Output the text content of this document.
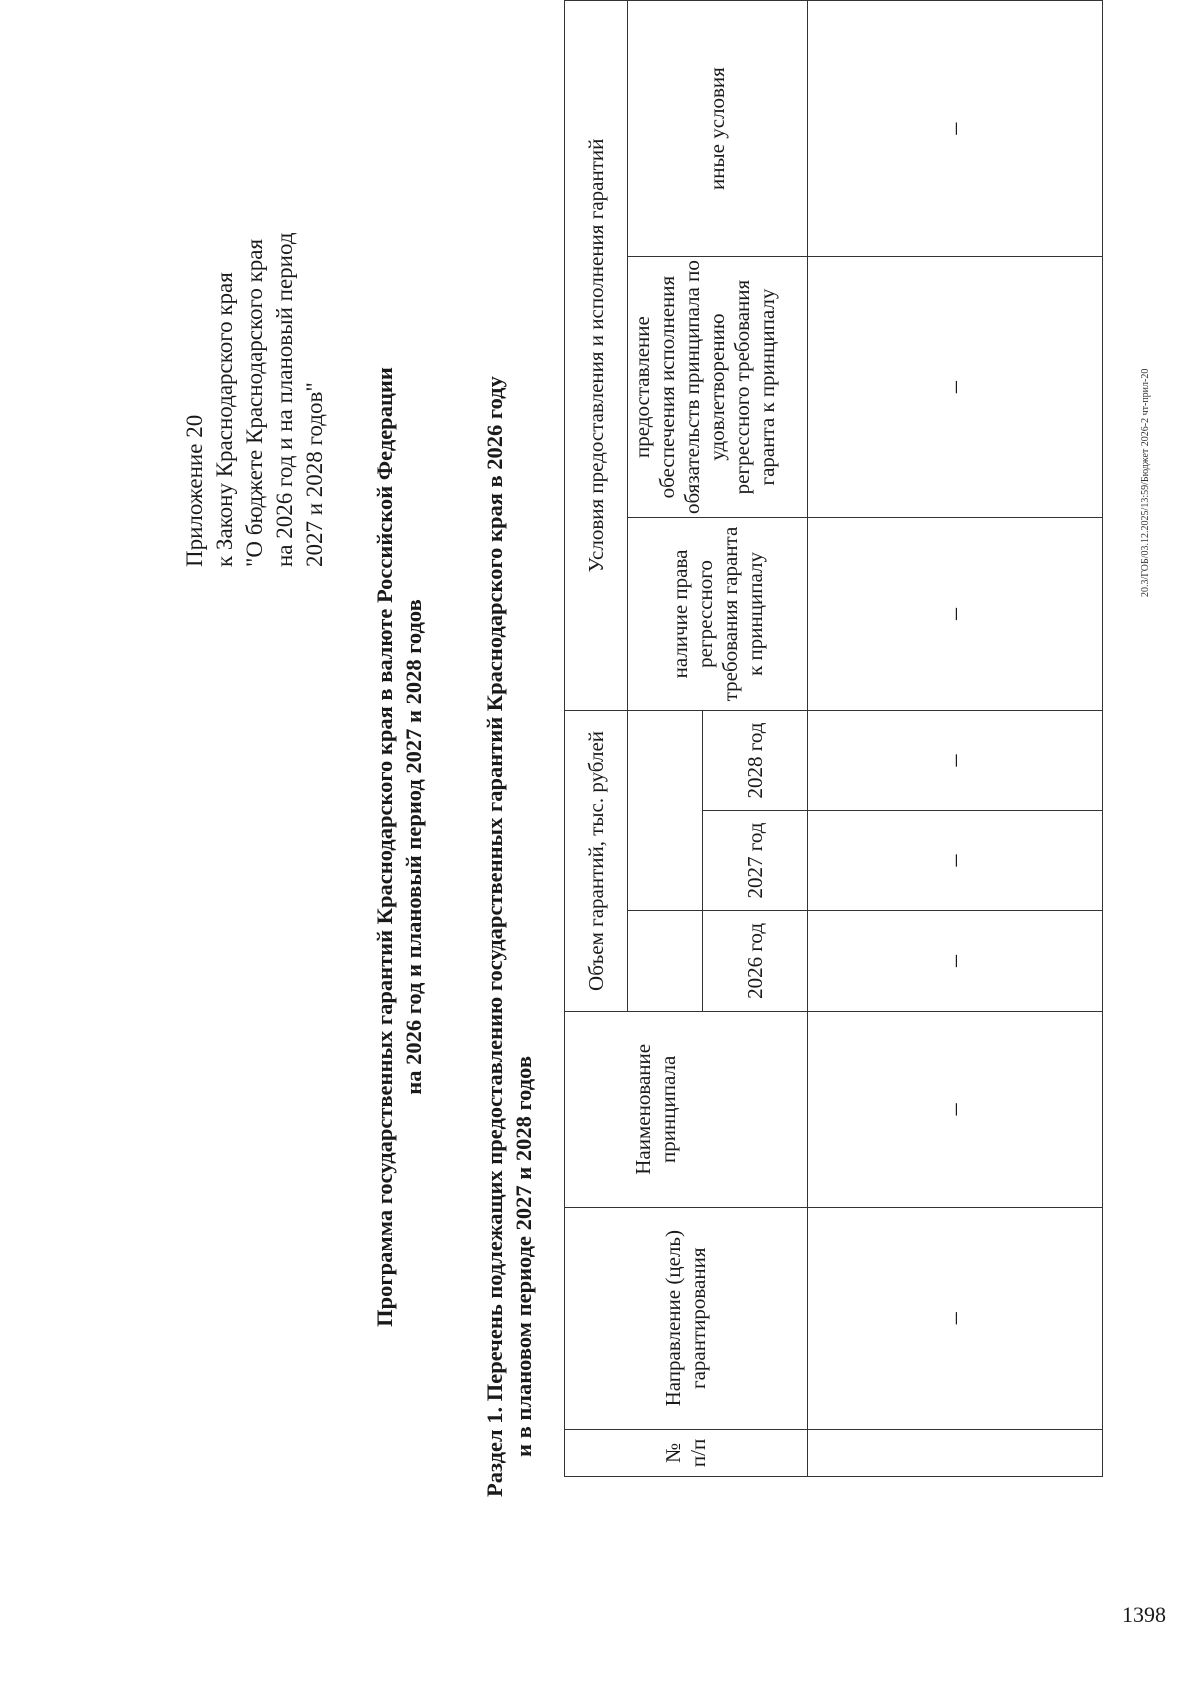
Приложение 20 к Закону Краснодарского края "О бюджете Краснодарского края на 2026 год и на плановый период 2027 и 2028 годов" Программа государственных гарантий Краснодарского края в валюте Российской Федерации на 2026 год и плановый период 2027 и 2028 годов Раздел 1. Перечень подлежащих предоставлению государственных гарантий Краснодарского края в 2026 году и в плановом периоде 2027 и 2028 годов	№ п/п	Направление (цель) гарантирования	Наименование принципала	Объем гарантий, тыс. рублей			Условия предоставления и исполнения гарантий		
						наличие права регрессного требования гаранта к принципалу	предоставление обеспечения исполнения обязательств принципала по удовлетворению регрессного требования гаранта к принципалу	иные условия
			2026 год	2027 год	2028 год			
	–	–	–	–	–	–	–	–
20.3/ГОБ/03.12.2025/13:59/Бюджет 2026-2 чт-прил-20
1398
